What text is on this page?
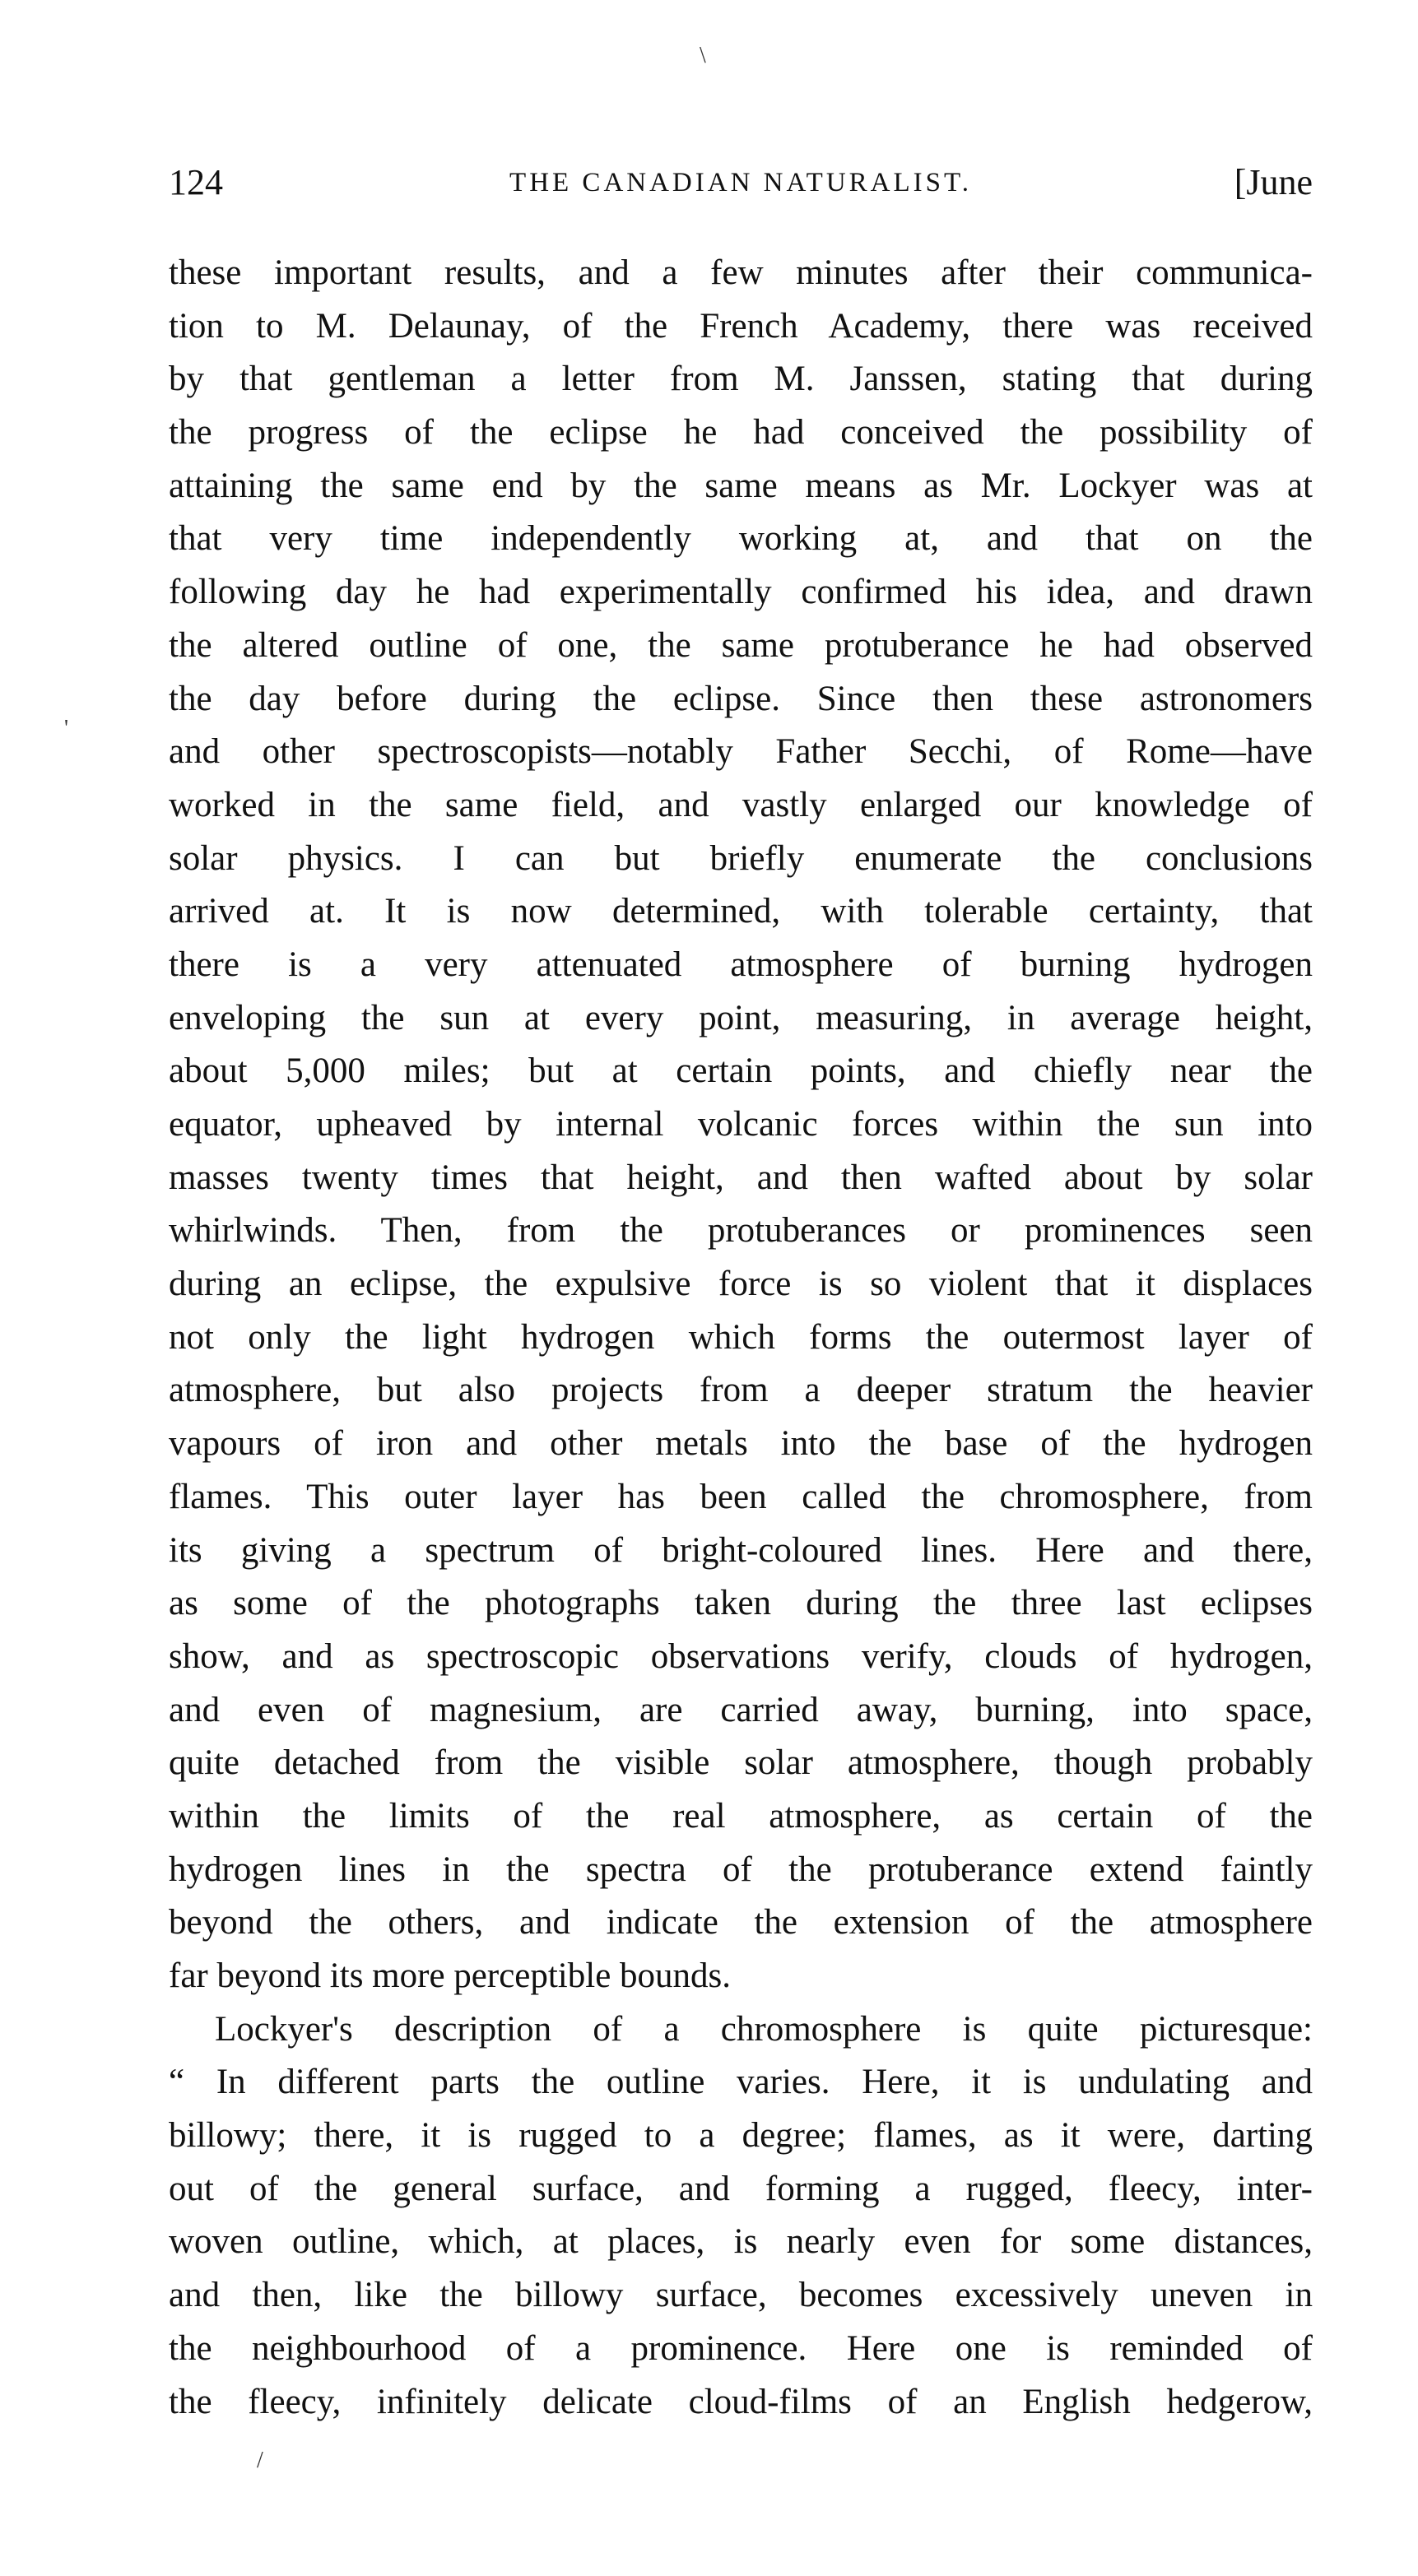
124	THE CANADIAN NATURALIST.	[June
\
'
/
these important results, and a few minutes after their communica-
tion to M. Delaunay, of the French Academy, there was received
by that gentleman a letter from M. Janssen, stating that during
the progress of the eclipse he had conceived the possibility of
attaining the same end by the same means as Mr. Lockyer was at
that very time independently working at, and that on the
following day he had experimentally confirmed his idea, and drawn
the altered outline of one, the same protuberance he had observed
the day before during the eclipse. Since then these astronomers
and other spectroscopists—notably Father Secchi, of Rome—have
worked in the same field, and vastly enlarged our knowledge of
solar physics. I can but briefly enumerate the conclusions
arrived at. It is now determined, with tolerable certainty, that
there is a very attenuated atmosphere of burning hydrogen
enveloping the sun at every point, measuring, in average height,
about 5,000 miles; but at certain points, and chiefly near the
equator, upheaved by internal volcanic forces within the sun into
masses twenty times that height, and then wafted about by solar
whirlwinds. Then, from the protuberances or prominences seen
during an eclipse, the expulsive force is so violent that it displaces
not only the light hydrogen which forms the outermost layer of
atmosphere, but also projects from a deeper stratum the heavier
vapours of iron and other metals into the base of the hydrogen
flames. This outer layer has been called the chromosphere, from
its giving a spectrum of bright-coloured lines. Here and there,
as some of the photographs taken during the three last eclipses
show, and as spectroscopic observations verify, clouds of hydrogen,
and even of magnesium, are carried away, burning, into space,
quite detached from the visible solar atmosphere, though probably
within the limits of the real atmosphere, as certain of the
hydrogen lines in the spectra of the protuberance extend faintly
beyond the others, and indicate the extension of the atmosphere
far beyond its more perceptible bounds.
Lockyer's description of a chromosphere is quite picturesque:
“ In different parts the outline varies. Here, it is undulating and
billowy; there, it is rugged to a degree; flames, as it were, darting
out of the general surface, and forming a rugged, fleecy, inter-
woven outline, which, at places, is nearly even for some distances,
and then, like the billowy surface, becomes excessively uneven in
the neighbourhood of a prominence. Here one is reminded of
the fleecy, infinitely delicate cloud-films of an English hedgerow,
